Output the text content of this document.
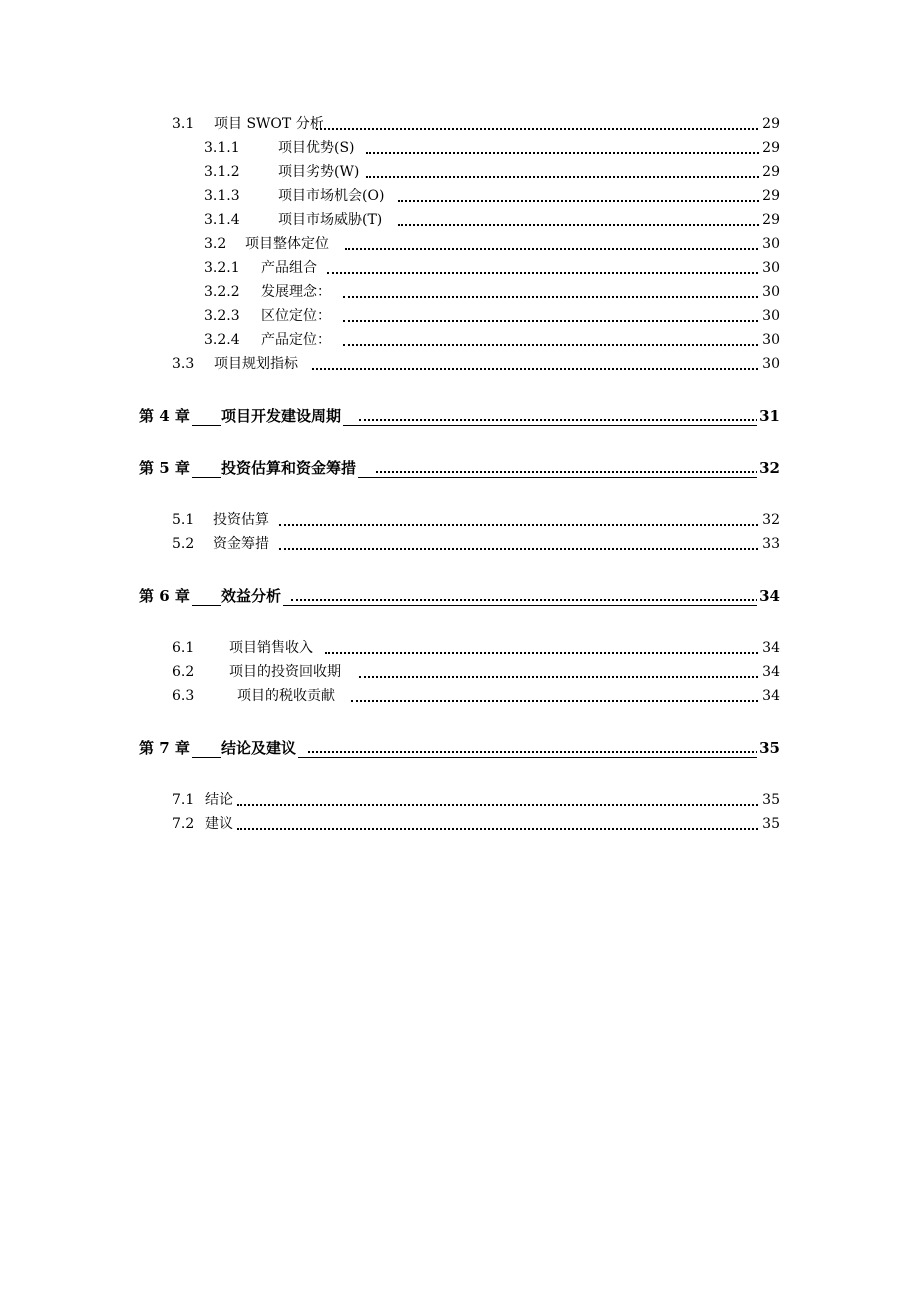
3.1 项目 SWOT 分析	29
3.1.1	项目优势(S)	29
3.1.2	项目劣势(W)	29
3.1.3	项目市场机会(O)	29
3.1.4	项目市场威胁(T)	29
3.2 项目整体定位	30
3.2.1 产品组合	30
3.2.2 发展理念：	30
3.2.3 区位定位：	30
3.2.4 产品定位：	30
3.3 项目规划指标	30
第 4 章 项目开发建设周期	31
第 5 章 投资估算和资金筹措	32
5.1 投资估算	32
5.2 资金筹措	33
第 6 章 效益分析	34
6.1 项目销售收入	34
6.2 项目的投资回收期	34
6.3	项目的税收贡献	34
第 7 章 结论及建议	35
7.1 结论	35
7.2 建议	35
